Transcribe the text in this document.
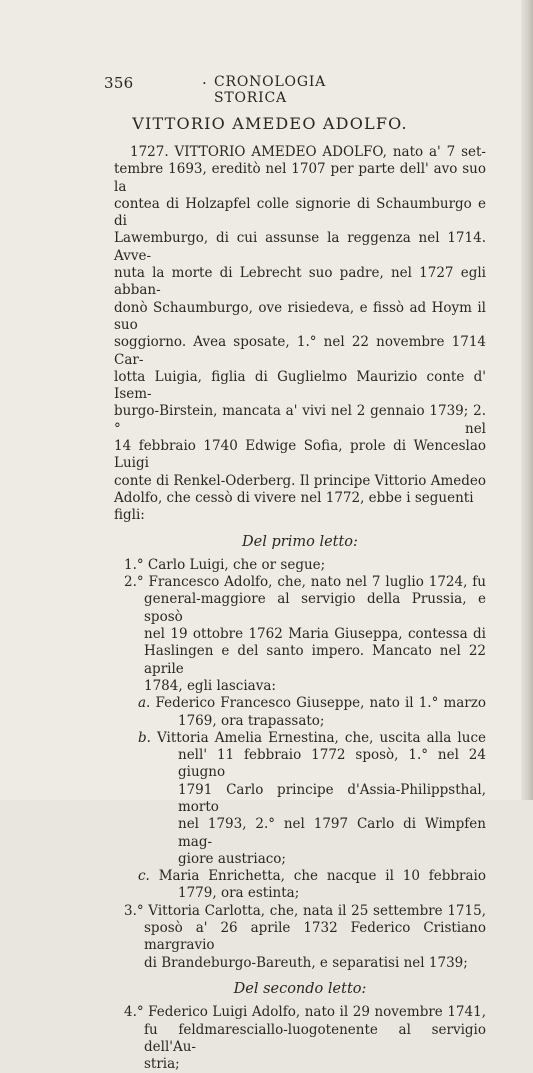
356	· CRONOLOGIA STORICA
VITTORIO AMEDEO ADOLFO.

1727. VITTORIO AMEDEO ADOLFO, nato a' 7 set-
tembre 1693, ereditò nel 1707 per parte dell' avo suo la
contea di Holzapfel colle signorie di Schaumburgo e di
Lawemburgo, di cui assunse la reggenza nel 1714. Avve-
nuta la morte di Lebrecht suo padre, nel 1727 egli abban-
donò Schaumburgo, ove risiedeva, e fissò ad Hoym il suo
soggiorno. Avea sposate, 1.° nel 22 novembre 1714 Car-
lotta Luigia, figlia di Guglielmo Maurizio conte d' Isem-
burgo-Birstein, mancata a' vivi nel 2 gennaio 1739; 2.° nel
14 febbraio 1740 Edwige Sofia, prole di Wenceslao Luigi
conte di Renkel-Oderberg. Il principe Vittorio Amedeo
Adolfo, che cessò di vivere nel 1772, ebbe i seguenti figli:

Del primo letto:
1.° Carlo Luigi, che or segue;
2.° Francesco Adolfo, che, nato nel 7 luglio 1724, fu
general-maggiore al servigio della Prussia, e sposò
nel 19 ottobre 1762 Maria Giuseppa, contessa di
Haslingen e del santo impero. Mancato nel 22 aprile
1784, egli lasciava:
a. Federico Francesco Giuseppe, nato il 1.° marzo
1769, ora trapassato;
b. Vittoria Amelia Ernestina, che, uscita alla luce
nell' 11 febbraio 1772 sposò, 1.° nel 24 giugno
1791 Carlo principe d'Assia-Philippsthal, morto
nel 1793, 2.° nel 1797 Carlo di Wimpfen mag-
giore austriaco;
c. Maria Enrichetta, che nacque il 10 febbraio
1779, ora estinta;
3.° Vittoria Carlotta, che, nata il 25 settembre 1715,
sposò a' 26 aprile 1732 Federico Cristiano margravio
di Brandeburgo-Bareuth, e separatisi nel 1739;
Del secondo letto:
4.° Federico Luigi Adolfo, nato il 29 novembre 1741,
fu feldmaresciallo-luogotenente al servigio dell'Au-
stria;
